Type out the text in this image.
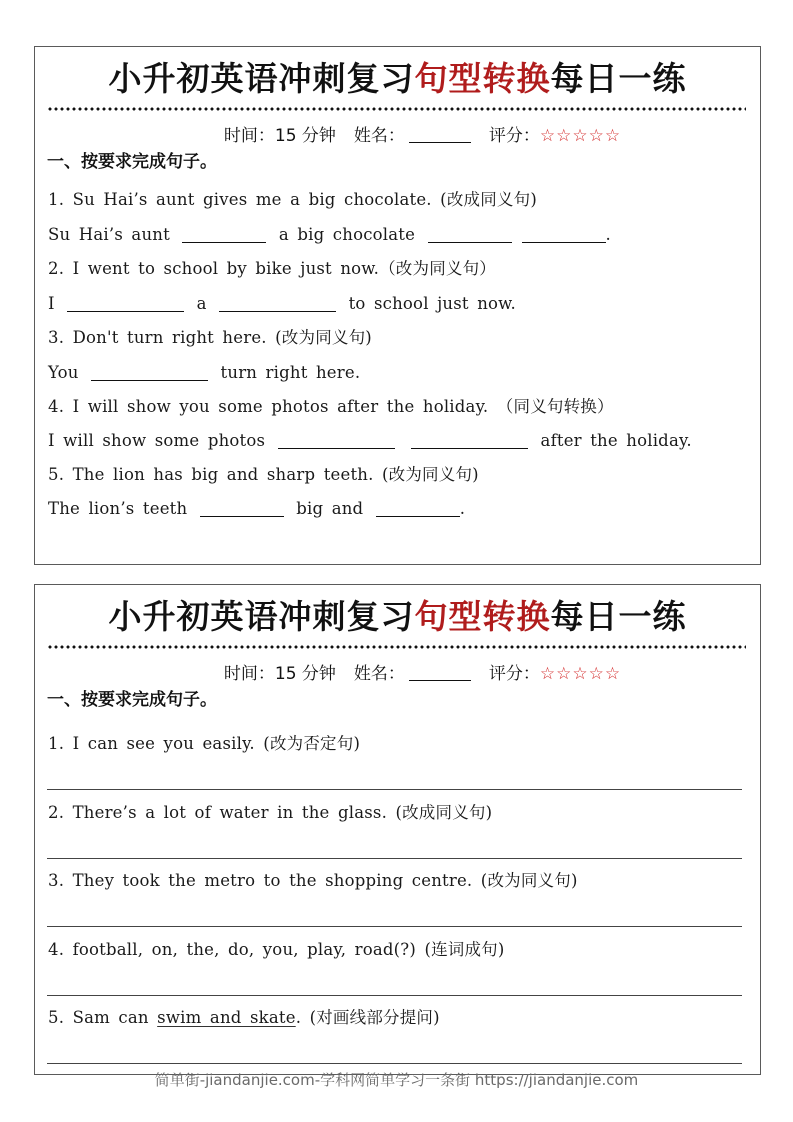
小升初英语冲刺复习句型转换每日一练
时间：15 分钟 姓名：	评分：☆☆☆☆☆
一、按要求完成句子。
1. Su Hai’s aunt gives me a big chocolate. (改成同义句)
Su Hai’s aunt	a big chocolate	.
2. I went to school by bike just now.（改为同义句）
I	a	to school just now.
3. Don't turn right here. (改为同义句)
You	turn right here.
4. I will show you some photos after the holiday. （同义句转换）
I will show some photos	after the holiday.
5. The lion has big and sharp teeth. (改为同义句)
The lion’s teeth	big and	.
小升初英语冲刺复习句型转换每日一练
时间：15 分钟 姓名：	评分：☆☆☆☆☆
一、按要求完成句子。
1. I can see you easily. (改为否定句)
2. There’s a lot of water in the glass. (改成同义句)
3. They took the metro to the shopping centre. (改为同义句)
4. football, on, the, do, you, play, road(?) (连词成句)
5. Sam can swim and skate. (对画线部分提问)
简单街-jiandanjie.com-学科网简单学习一条街 https://jiandanjie.com
